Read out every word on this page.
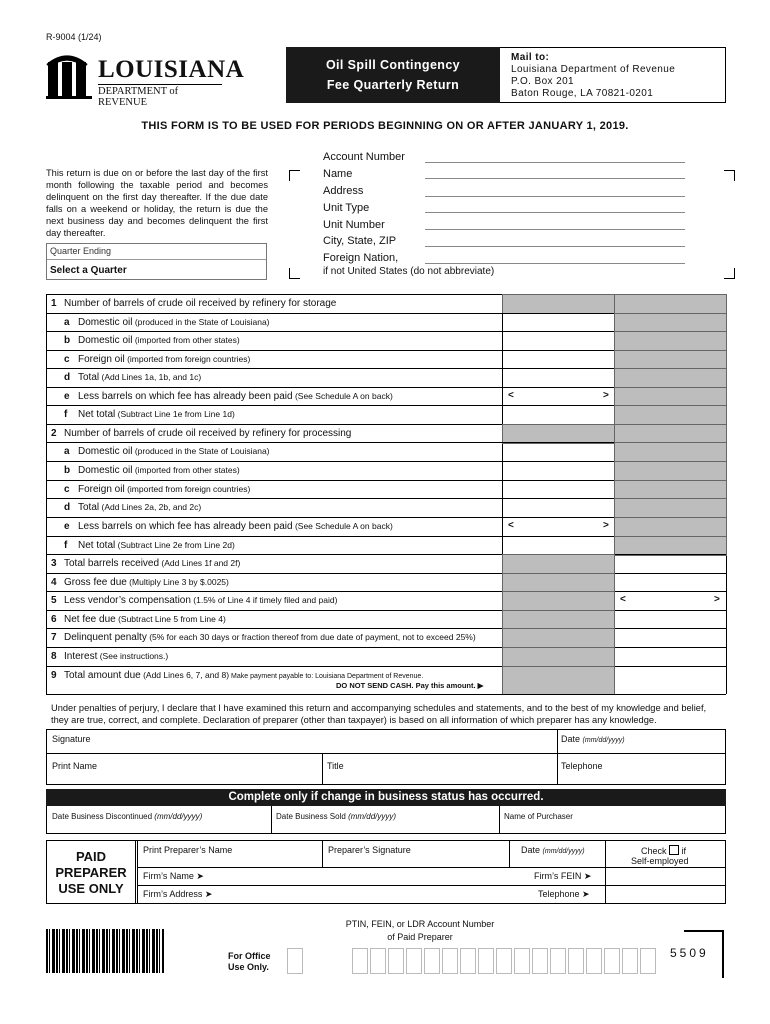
R-9004 (1/24)
LOUISIANA
DEPARTMENT of REVENUE
Oil Spill Contingency
Fee Quarterly Return
Mail to:
Louisiana Department of Revenue
P.O. Box 201
Baton Rouge, LA 70821-0201
THIS FORM IS TO BE USED FOR PERIODS BEGINNING ON OR AFTER JANUARY 1, 2019.
This return is due on or before the last day of the first month following the taxable period and becomes delinquent on the first day thereafter. If the due date falls on a weekend or holiday, the return is due the next business day and becomes delinquent the first day thereafter.
Quarter Ending
Select a Quarter
Account Number
Name
Address
Unit Type
Unit Number
City, State, ZIP
Foreign Nation,
if not United States (do not abbreviate)
1 Number of barrels of crude oil received by refinery for storage
a Domestic oil (produced in the State of Louisiana)
b Domestic oil (imported from other states)
c Foreign oil (imported from foreign countries)
d Total (Add Lines 1a, 1b, and 1c)
e Less barrels on which fee has already been paid (See Schedule A on back)	<	>
f Net total (Subtract Line 1e from Line 1d)
2 Number of barrels of crude oil received by refinery for processing
a Domestic oil (produced in the State of Louisiana)
b Domestic oil (imported from other states)
c Foreign oil (imported from foreign countries)
d Total (Add Lines 2a, 2b, and 2c)
e Less barrels on which fee has already been paid (See Schedule A on back)	<	>
f Net total (Subtract Line 2e from Line 2d)
3 Total barrels received (Add Lines 1f and 2f)
4 Gross fee due (Multiply Line 3 by $.0025)
5 Less vendor’s compensation (1.5% of Line 4 if timely filed and paid)	<	>
6 Net fee due (Subtract Line 5 from Line 4)
7 Delinquent penalty (5% for each 30 days or fraction thereof from due date of payment, not to exceed 25%)
8 Interest (See instructions.)
9 Total amount due (Add Lines 6, 7, and 8) Make payment payable to: Louisiana Department of Revenue.
DO NOT SEND CASH. Pay this amount. ▶
Under penalties of perjury, I declare that I have examined this return and accompanying schedules and statements, and to the best of my knowledge and belief, they are true, correct, and complete. Declaration of preparer (other than taxpayer) is based on all information of which preparer has any knowledge.
Signature	Date (mm/dd/yyyy)
Print Name	Title	Telephone
Complete only if change in business status has occurred.
Date Business Discontinued (mm/dd/yyyy)	Date Business Sold (mm/dd/yyyy)	Name of Purchaser
PAID
PREPARER
USE ONLY
Print Preparer’s Name	Preparer’s Signature	Date (mm/dd/yyyy)	Check if
Self-employed
Firm’s Name ➤	Firm’s FEIN ➤
Firm’s Address ➤	Telephone ➤
PTIN, FEIN, or LDR Account Number
of Paid Preparer
For Office
Use Only.
5509
